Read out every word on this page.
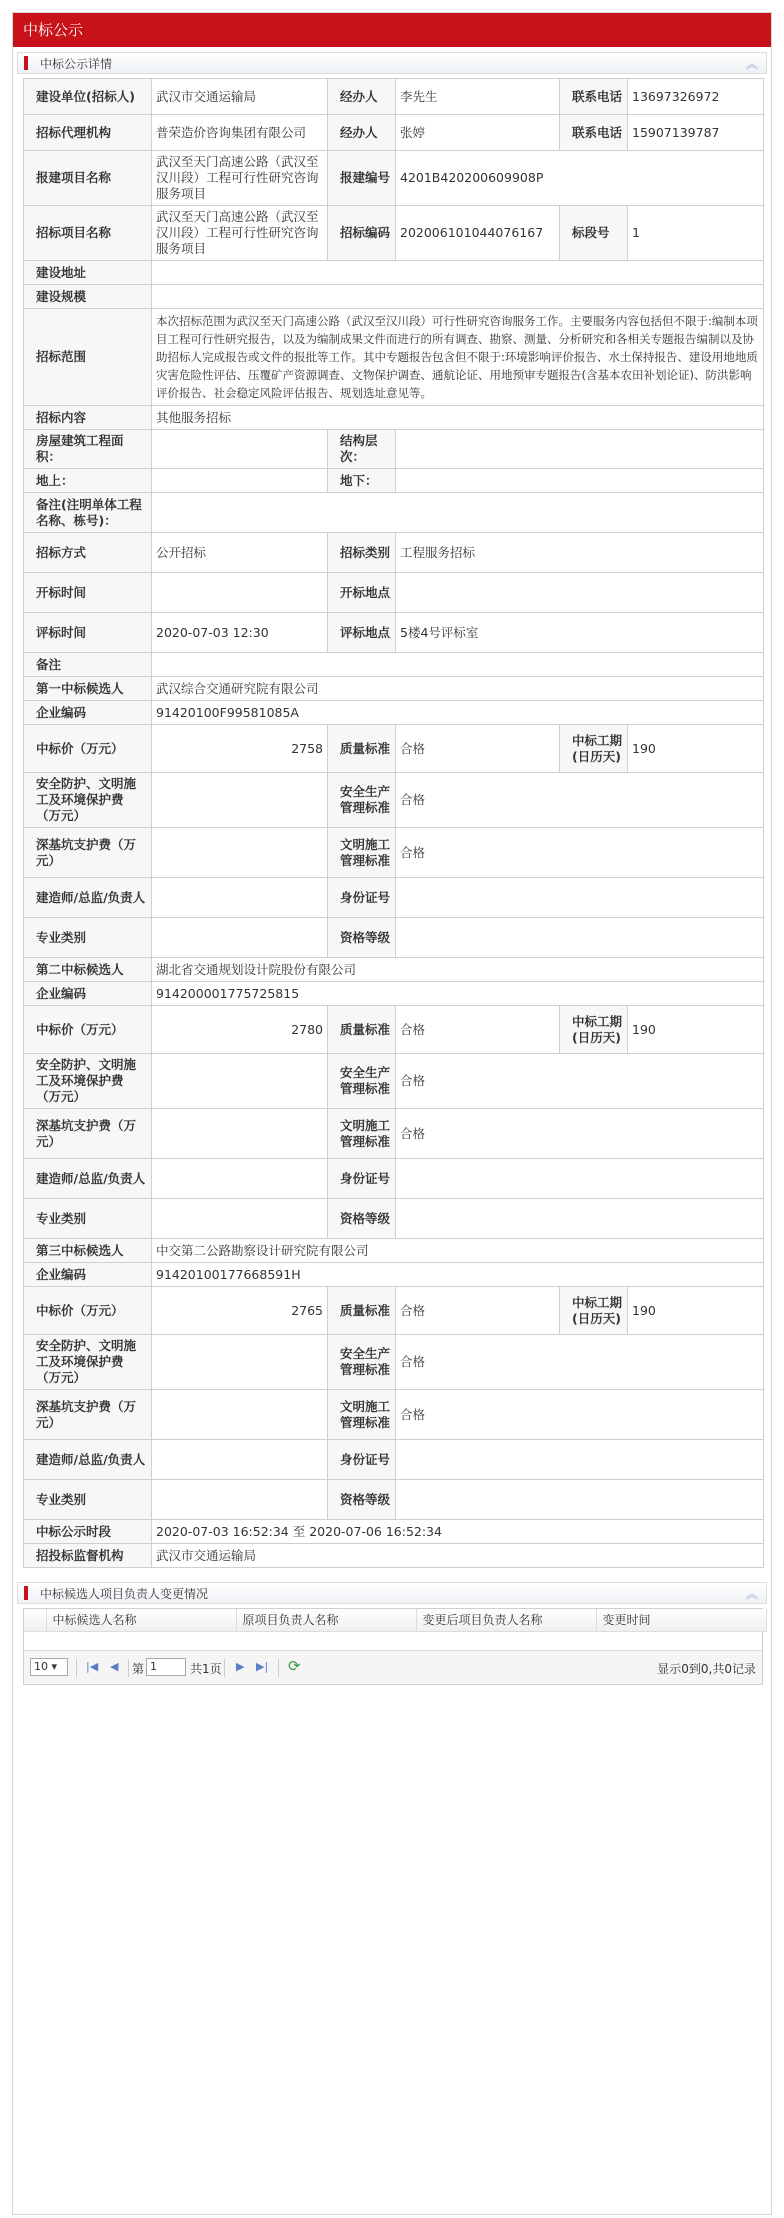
中标公示
中标公示详情	︽
建设单位(招标人)	武汉市交通运输局	经办人	李先生	联系电话	13697326972
招标代理机构	普荣造价咨询集团有限公司	经办人	张婷	联系电话	15907139787
报建项目名称	武汉至天门高速公路（武汉至汉川段）工程可行性研究咨询服务项目	报建编号	4201B420200609908P		
招标项目名称	武汉至天门高速公路（武汉至汉川段）工程可行性研究咨询服务项目	招标编码	202006101044076167	标段号	1
建设地址					
建设规模					
招标范围	本次招标范围为武汉至天门高速公路（武汉至汉川段）可行性研究咨询服务工作。主要服务内容包括但不限于:编制本项目工程可行性研究报告，以及为编制成果文件而进行的所有调查、勘察、测量、分析研究和各相关专题报告编制以及协助招标人完成报告或文件的报批等工作。其中专题报告包含但不限于:环境影响评价报告、水土保持报告、建设用地地质灾害危险性评估、压覆矿产资源调查、文物保护调查、通航论证、用地预审专题报告(含基本农田补划论证)、防洪影响评价报告、社会稳定风险评估报告、规划选址意见等。				
招标内容	其他服务招标				
房屋建筑工程面积：		结构层次：			
地上：		地下：			
备注(注明单体工程名称、栋号)：					
招标方式	公开招标	招标类别	工程服务招标		
开标时间		开标地点			
评标时间	2020-07-03 12:30	评标地点	5楼4号评标室		
备注					
第一中标候选人	武汉综合交通研究院有限公司				
企业编码	91420100F99581085A				
中标价（万元）	2758	质量标准	合格	中标工期(日历天)	190
安全防护、文明施工及环境保护费（万元）		安全生产管理标准	合格		
深基坑支护费（万元）		文明施工管理标准	合格		
建造师/总监/负责人		身份证号			
专业类别		资格等级			
第二中标候选人	湖北省交通规划设计院股份有限公司				
企业编码	914200001775725815				
中标价（万元）	2780	质量标准	合格	中标工期(日历天)	190
安全防护、文明施工及环境保护费（万元）		安全生产管理标准	合格		
深基坑支护费（万元）		文明施工管理标准	合格		
建造师/总监/负责人		身份证号			
专业类别		资格等级			
第三中标候选人	中交第二公路勘察设计研究院有限公司				
企业编码	91420100177668591H				
中标价（万元）	2765	质量标准	合格	中标工期(日历天)	190
安全防护、文明施工及环境保护费（万元）		安全生产管理标准	合格		
深基坑支护费（万元）		文明施工管理标准	合格		
建造师/总监/负责人		身份证号			
专业类别		资格等级			
中标公示时段	2020-07-03 16:52:34 至 2020-07-06 16:52:34				
招投标监督机构	武汉市交通运输局				
中标候选人项目负责人变更情况	︽
	中标候选人名称	原项目负责人名称	变更后项目负责人名称	变更时间
10 ▾	|◀ ◀ 第 1	共1页 ▶ ▶| ⟳	显示0到0,共0记录
